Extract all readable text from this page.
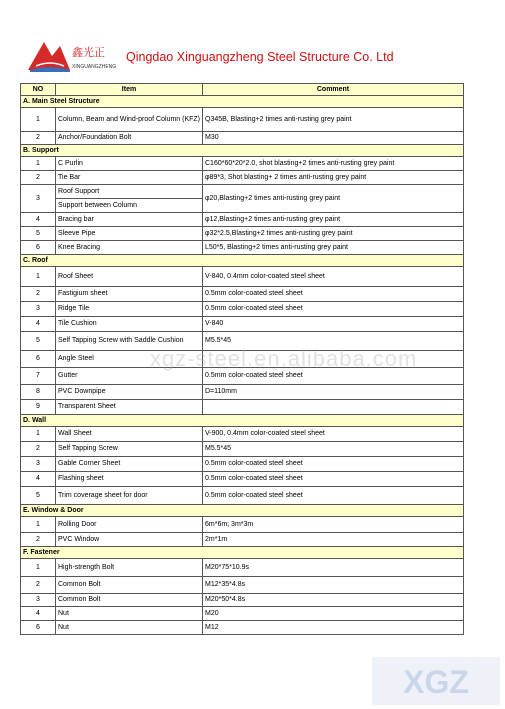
鑫光正
XINGUANGZHENG
Qingdao Xinguangzheng Steel Structure Co. Ltd
NO	Item	Comment
A. Main Steel Structure		
1	Column, Beam and Wind-proof Column (KFZ)	Q345B, Blasting+2 times anti-rusting grey paint
2	Anchor/Foundation Bolt	M30
B. Support		
1	C Purlin	C160*60*20*2.0, shot blasting+2 times anti-rusting grey paint
2	Tie Bar	φ89*3, Shot blasting+ 2 times anti-rusting grey paint
3	Roof Support	φ20,Blasting+2 times anti-rusting grey paint
	Support between Column	
4	Bracing bar	φ12,Blasting+2 times anti-rusting grey paint
5	Sleeve Pipe	φ32*2.5,Blasting+2 times anti-rusting grey paint
6	Knee Bracing	L50*5, Blasting+2 times anti-rusting grey paint
C. Roof		
1	Roof Sheet	V-840, 0.4mm color-coated steel sheet
2	Fastigium sheet	0.5mm color-coated steel sheet
3	Ridge Tile	0.5mm color-coated steel sheet
4	Tile Cushion	V-840
5	Self Tapping Screw with Saddle Cushion	M5.5*45
6	Angle Steel	
7	Gutter	0.5mm color-coated steel sheet
8	PVC Downpipe	D=110mm
9	Transparent Sheet	
D. Wall		
1	Wall Sheet	V-900, 0.4mm color-coated steel sheet
2	Self Tapping Screw	M5.5*45
3	Gable Corner Sheet	0.5mm color-coated steel sheet
4	Flashing sheet	0.5mm color-coated steel sheet
5	Trim coverage sheet for door	0.5mm color-coated steel sheet
E. Window & Door		
1	Rolling Door	6m*6m; 3m*3m
2	PVC Window	2m*1m
F. Fastener		
1	High-strength Bolt	M20*75*10.9s
2	Common Bolt	M12*35*4.8s
3	Common Bolt	M20*50*4.8s
4	Nut	M20
6	Nut	M12
xgz-steel.en.alibaba.com
XGZ
